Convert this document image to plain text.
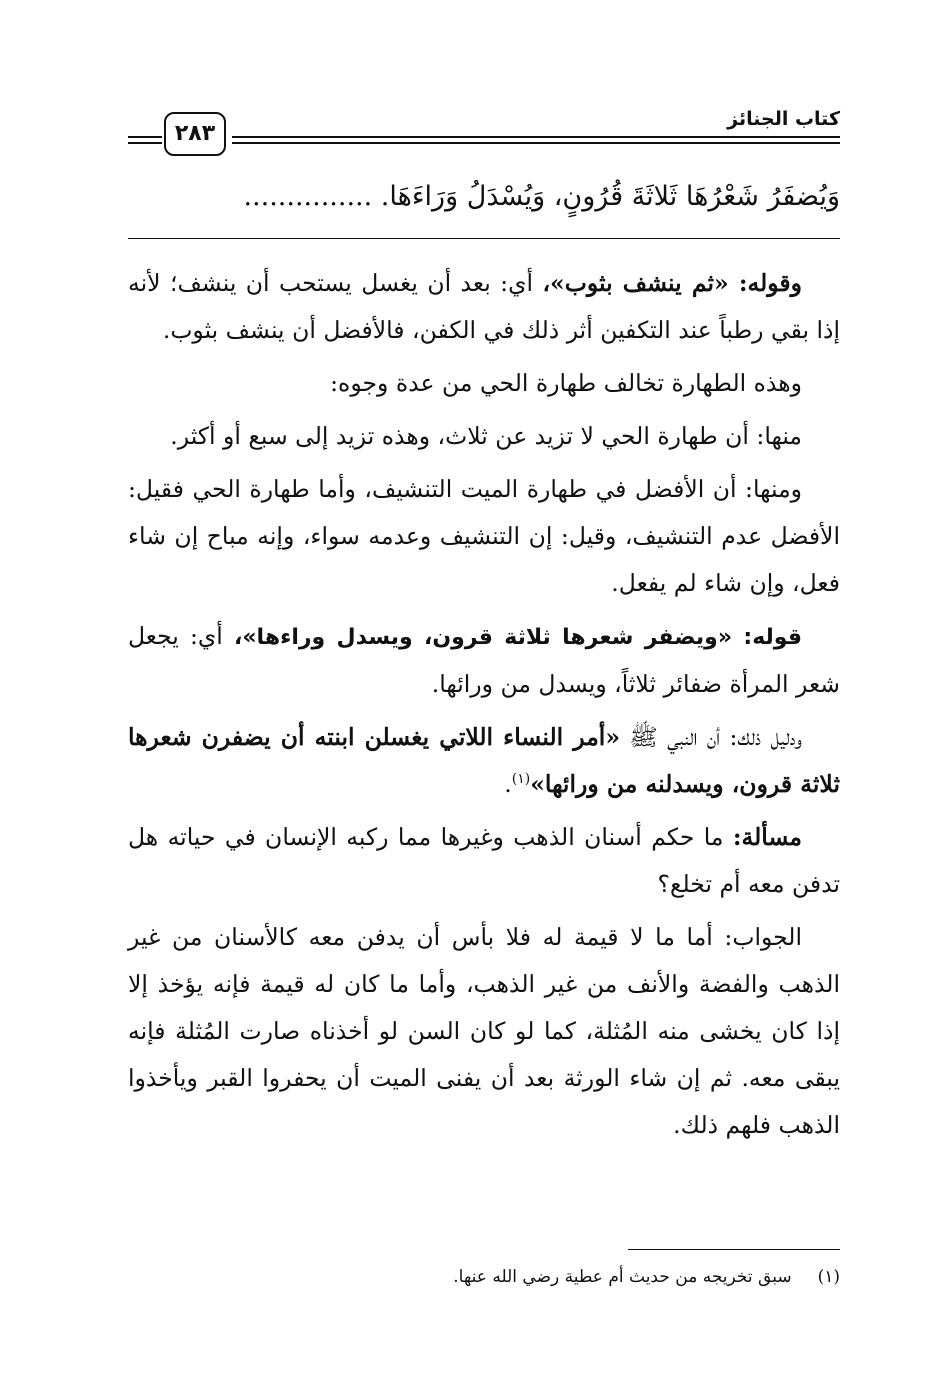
كتاب الجنائز
٢٨٣
وَيُضفَرُ شَعْرُهَا ثَلاثَةَ قُرُونٍ، وَيُسْدَلُ وَرَاءَهَا. ...............

وقوله: «ثم ينشف بثوب»، أي: بعد أن يغسل يستحب أن ينشف؛ لأنه إذا بقي رطباً عند التكفين أثر ذلك في الكفن، فالأفضل أن ينشف بثوب.

وهذه الطهارة تخالف طهارة الحي من عدة وجوه:

منها: أن طهارة الحي لا تزيد عن ثلاث، وهذه تزيد إلى سبع أو أكثر.

ومنها: أن الأفضل في طهارة الميت التنشيف، وأما طهارة الحي فقيل: الأفضل عدم التنشيف، وقيل: إن التنشيف وعدمه سواء، وإنه مباح إن شاء فعل، وإن شاء لم يفعل.

قوله: «ويضفر شعرها ثلاثة قرون، ويسدل وراءها»، أي: يجعل شعر المرأة ضفائر ثلاثاً، ويسدل من ورائها.

ودليل ذلك: أن النبي ﷺ «أمر النساء اللاتي يغسلن ابنته أن يضفرن شعرها ثلاثة قرون، ويسدلنه من ورائها»$^{(١)}$.

مسألة: ما حكم أسنان الذهب وغيرها مما ركبه الإنسان في حياته هل تدفن معه أم تخلع؟

الجواب: أما ما لا قيمة له فلا بأس أن يدفن معه كالأسنان من غير الذهب والفضة والأنف من غير الذهب، وأما ما كان له قيمة فإنه يؤخذ إلا إذا كان يخشى منه المُثلة، كما لو كان السن لو أخذناه صارت المُثلة فإنه يبقى معه. ثم إن شاء الورثة بعد أن يفنى الميت أن يحفروا القبر ويأخذوا الذهب فلهم ذلك.

(١)سبق تخريجه من حديث أم عطية رضي الله عنها.
